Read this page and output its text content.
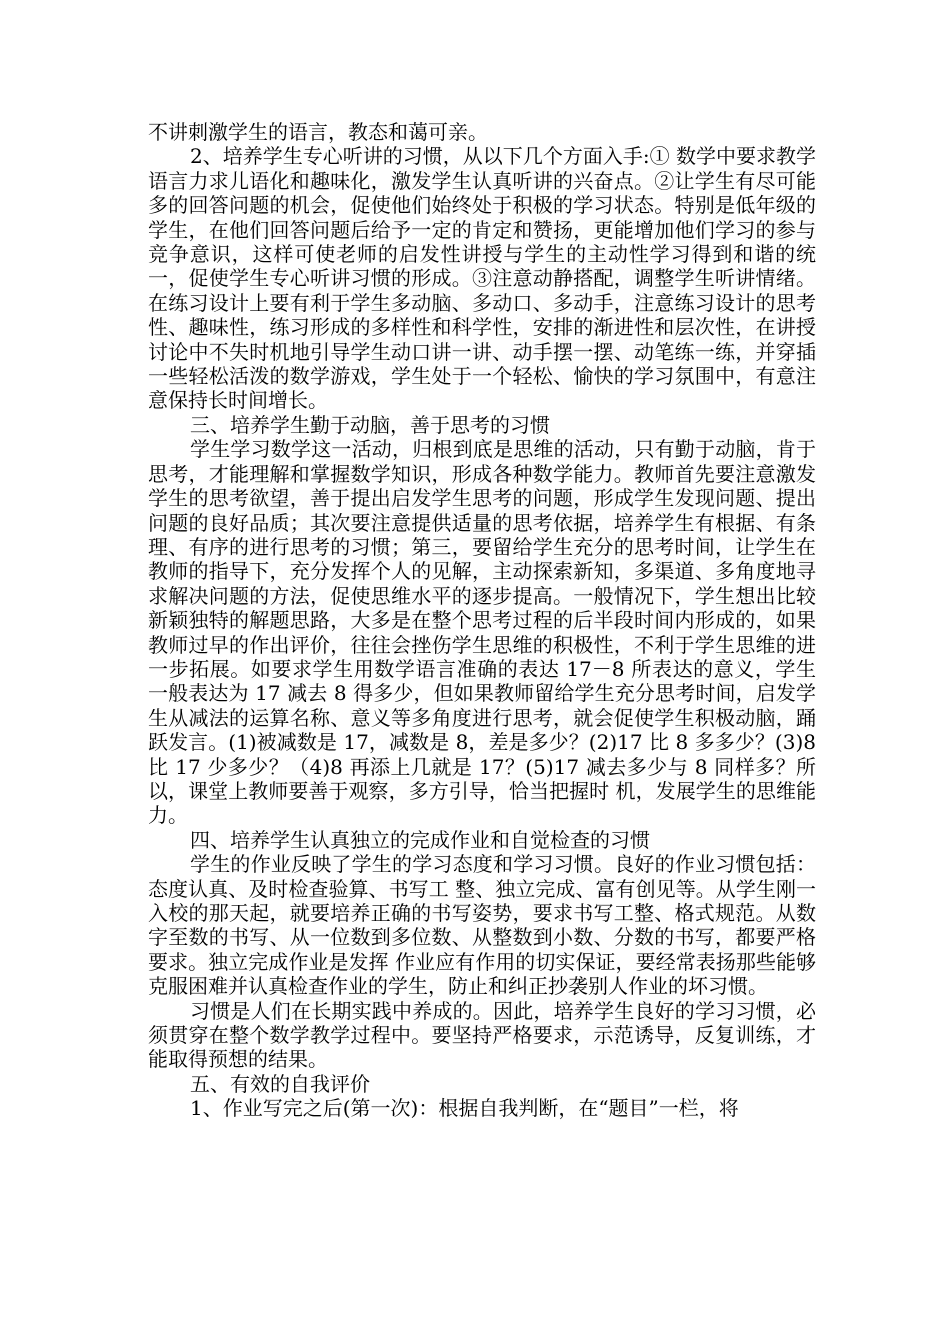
不讲刺激学生的语言，教态和蔼可亲。

2、培养学生专心听讲的习惯，从以下几个方面入手:① 数学中要求教学语言力求儿语化和趣味化，激发学生认真听讲的兴奋点。②让学生有尽可能多的回答问题的机会，促使他们始终处于积极的学习状态。特别是低年级的学生，在他们回答问题后给予一定的肯定和赞扬，更能增加他们学习的参与竞争意识，这样可使老师的启发性讲授与学生的主动性学习得到和谐的统一，促使学生专心听讲习惯的形成。③注意动静搭配，调整学生听讲情绪。在练习设计上要有利于学生多动脑、多动口、多动手，注意练习设计的思考性、趣味性，练习形成的多样性和科学性，安排的渐进性和层次性，在讲授讨论中不失时机地引导学生动口讲一讲、动手摆一摆、动笔练一练，并穿插一些轻松活泼的数学游戏，学生处于一个轻松、愉快的学习氛围中，有意注意保持长时间增长。

三、培养学生勤于动脑，善于思考的习惯

学生学习数学这一活动，归根到底是思维的活动，只有勤于动脑，肯于思考，才能理解和掌握数学知识，形成各种数学能力。教师首先要注意激发学生的思考欲望，善于提出启发学生思考的问题，形成学生发现问题、提出问题的良好品质；其次要注意提供适量的思考依据，培养学生有根据、有条理、有序的进行思考的习惯；第三，要留给学生充分的思考时间，让学生在教师的指导下，充分发挥个人的见解，主动探索新知，多渠道、多角度地寻求解决问题的方法，促使思维水平的逐步提高。一般情况下，学生想出比较新颖独特的解题思路，大多是在整个思考过程的后半段时间内形成的，如果教师过早的作出评价，往往会挫伤学生思维的积极性，不利于学生思维的进一步拓展。如要求学生用数学语言准确的表达 17－8 所表达的意义，学生一般表达为 17 减去 8 得多少，但如果教师留给学生充分思考时间，启发学生从减法的运算名称、意义等多角度进行思考，就会促使学生积极动脑，踊跃发言。(1)被减数是 17，减数是 8，差是多少？(2)17 比 8 多多少？(3)8 比 17 少多少？（4)8 再添上几就是 17？(5)17 减去多少与 8 同样多？所以，课堂上教师要善于观察，多方引导，恰当把握时 机，发展学生的思维能力。

四、培养学生认真独立的完成作业和自觉检查的习惯

学生的作业反映了学生的学习态度和学习习惯。良好的作业习惯包括：态度认真、及时检查验算、书写工 整、独立完成、富有创见等。从学生刚一入校的那天起，就要培养正确的书写姿势，要求书写工整、格式规范。从数字至数的书写、从一位数到多位数、从整数到小数、分数的书写，都要严格要求。独立完成作业是发挥 作业应有作用的切实保证，要经常表扬那些能够克服困难并认真检查作业的学生，防止和纠正抄袭别人作业的坏习惯。

习惯是人们在长期实践中养成的。因此，培养学生良好的学习习惯，必须贯穿在整个数学教学过程中。要坚持严格要求，示范诱导，反复训练，才能取得预想的结果。

五、有效的自我评价

1、作业写完之后(第一次)：根据自我判断，在“题目”一栏，将
